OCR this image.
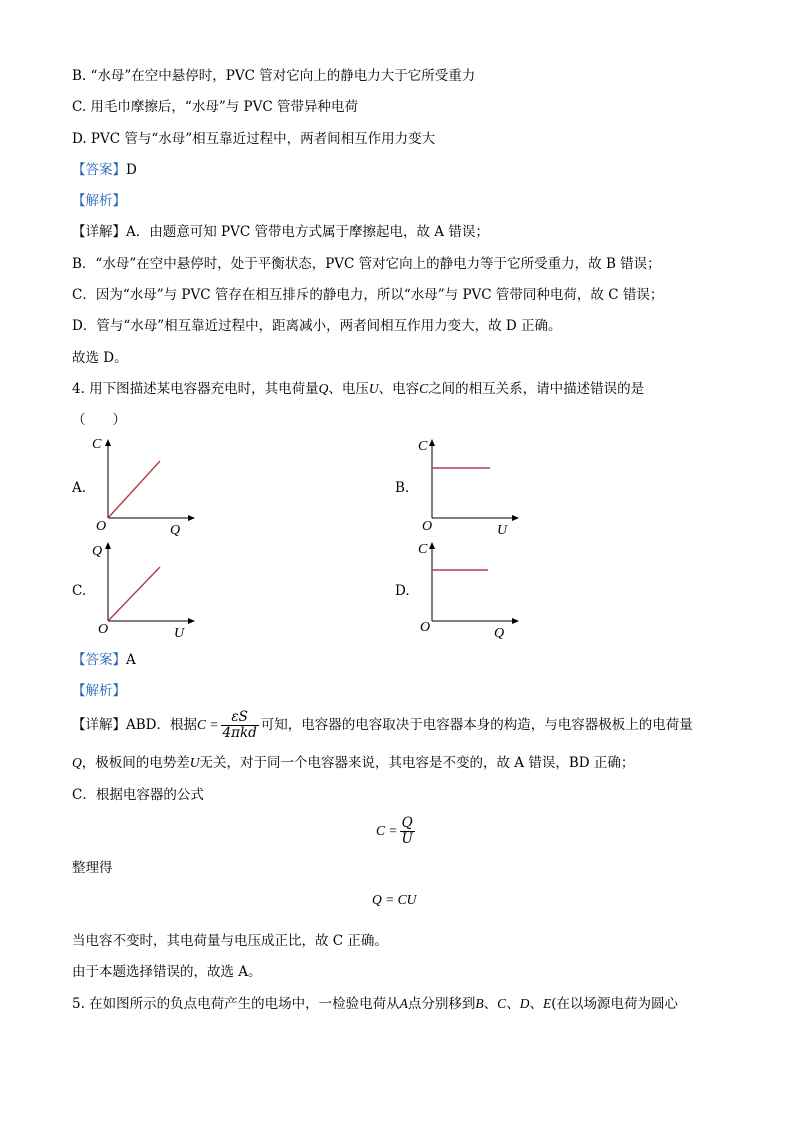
B. “水母”在空中悬停时，PVC 管对它向上的静电力大于它所受重力
C. 用毛巾摩擦后，“水母”与 PVC 管带异种电荷
D. PVC 管与“水母”相互靠近过程中，两者间相互作用力变大
【答案】D
【解析】
【详解】A．由题意可知 PVC 管带电方式属于摩擦起电，故 A 错误；
B．“水母”在空中悬停时，处于平衡状态，PVC 管对它向上的静电力等于它所受重力，故 B 错误；
C．因为“水母”与 PVC 管存在相互排斥的静电力，所以“水母”与 PVC 管带同种电荷，故 C 错误；
D．管与“水母”相互靠近过程中，距离减小，两者间相互作用力变大，故 D 正确。
故选 D。
4. 用下图描述某电容器充电时，其电荷量Q、电压U、电容C之间的相互关系，请中描述错误的是
（　　）
A.
C
O	Q
B.
C
O	U
C.
Q
O	U
D.
C
O	Q
【答案】A
【解析】
【详解】ABD．根据$C = \frac{\varepsilon S}{\text{4πkd}}$ 可知，电容器的电容取决于电容器本身的构造，与电容器极板上的电荷量
Q，极板间的电势差U无关，对于同一个电容器来说，其电容是不变的，故 A 错误，BD 正确；
C．根据电容器的公式
$C = \frac{Q}{U}$
整理得
Q = CU
当电容不变时，其电荷量与电压成正比，故 C 正确。
由于本题选择错误的，故选 A。
5. 在如图所示的负点电荷产生的电场中，一检验电荷从A点分别移到B、C、D、E(在以场源电荷为圆心
